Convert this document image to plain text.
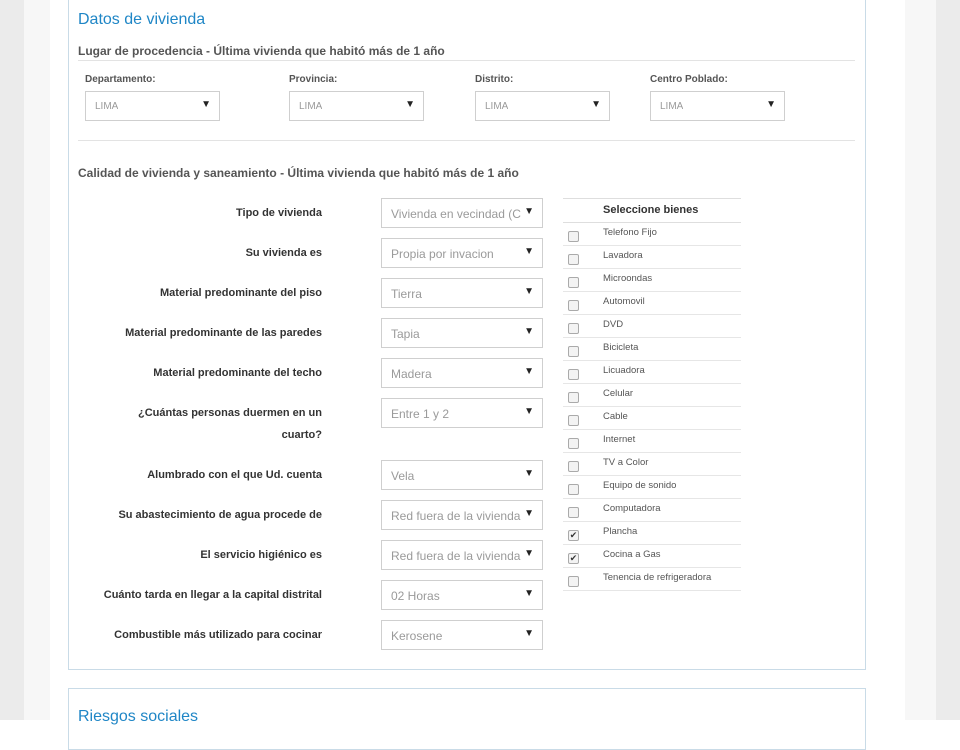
Datos de vivienda
Lugar de procedencia - Última vivienda que habitó más de 1 año
Departamento:
LIMA	▼
Provincia:
LIMA	▼
Distrito:
LIMA	▼
Centro Poblado:
LIMA	▼
Calidad de vivienda y saneamiento - Última vivienda que habitó más de 1 año
Tipo de vivienda	Vivienda en vecindad (C ▼
Su vivienda es	Propia por invacion	▼
Material predominante del piso	Tierra	▼
Material predominante de las paredes	Tapia	▼
Material predominante del techo	Madera	▼
¿Cuántas personas duermen en un cuarto?
Entre 1 y 2	▼
Alumbrado con el que Ud. cuenta	Vela	▼
Su abastecimiento de agua procede de	Red fuera de la vivienda ▼
El servicio higiénico es	Red fuera de la vivienda ▼
Cuánto tarda en llegar a la capital distrital	02 Horas	▼
Combustible más utilizado para cocinar	Kerosene	▼
Seleccione bienes
Telefono Fijo
Lavadora
Microondas
Automovil
DVD
Bicicleta
Licuadora
Celular
Cable
Internet
TV a Color
Equipo de sonido
Computadora
✔	Plancha
✔	Cocina a Gas
Tenencia de refrigeradora
Riesgos sociales
